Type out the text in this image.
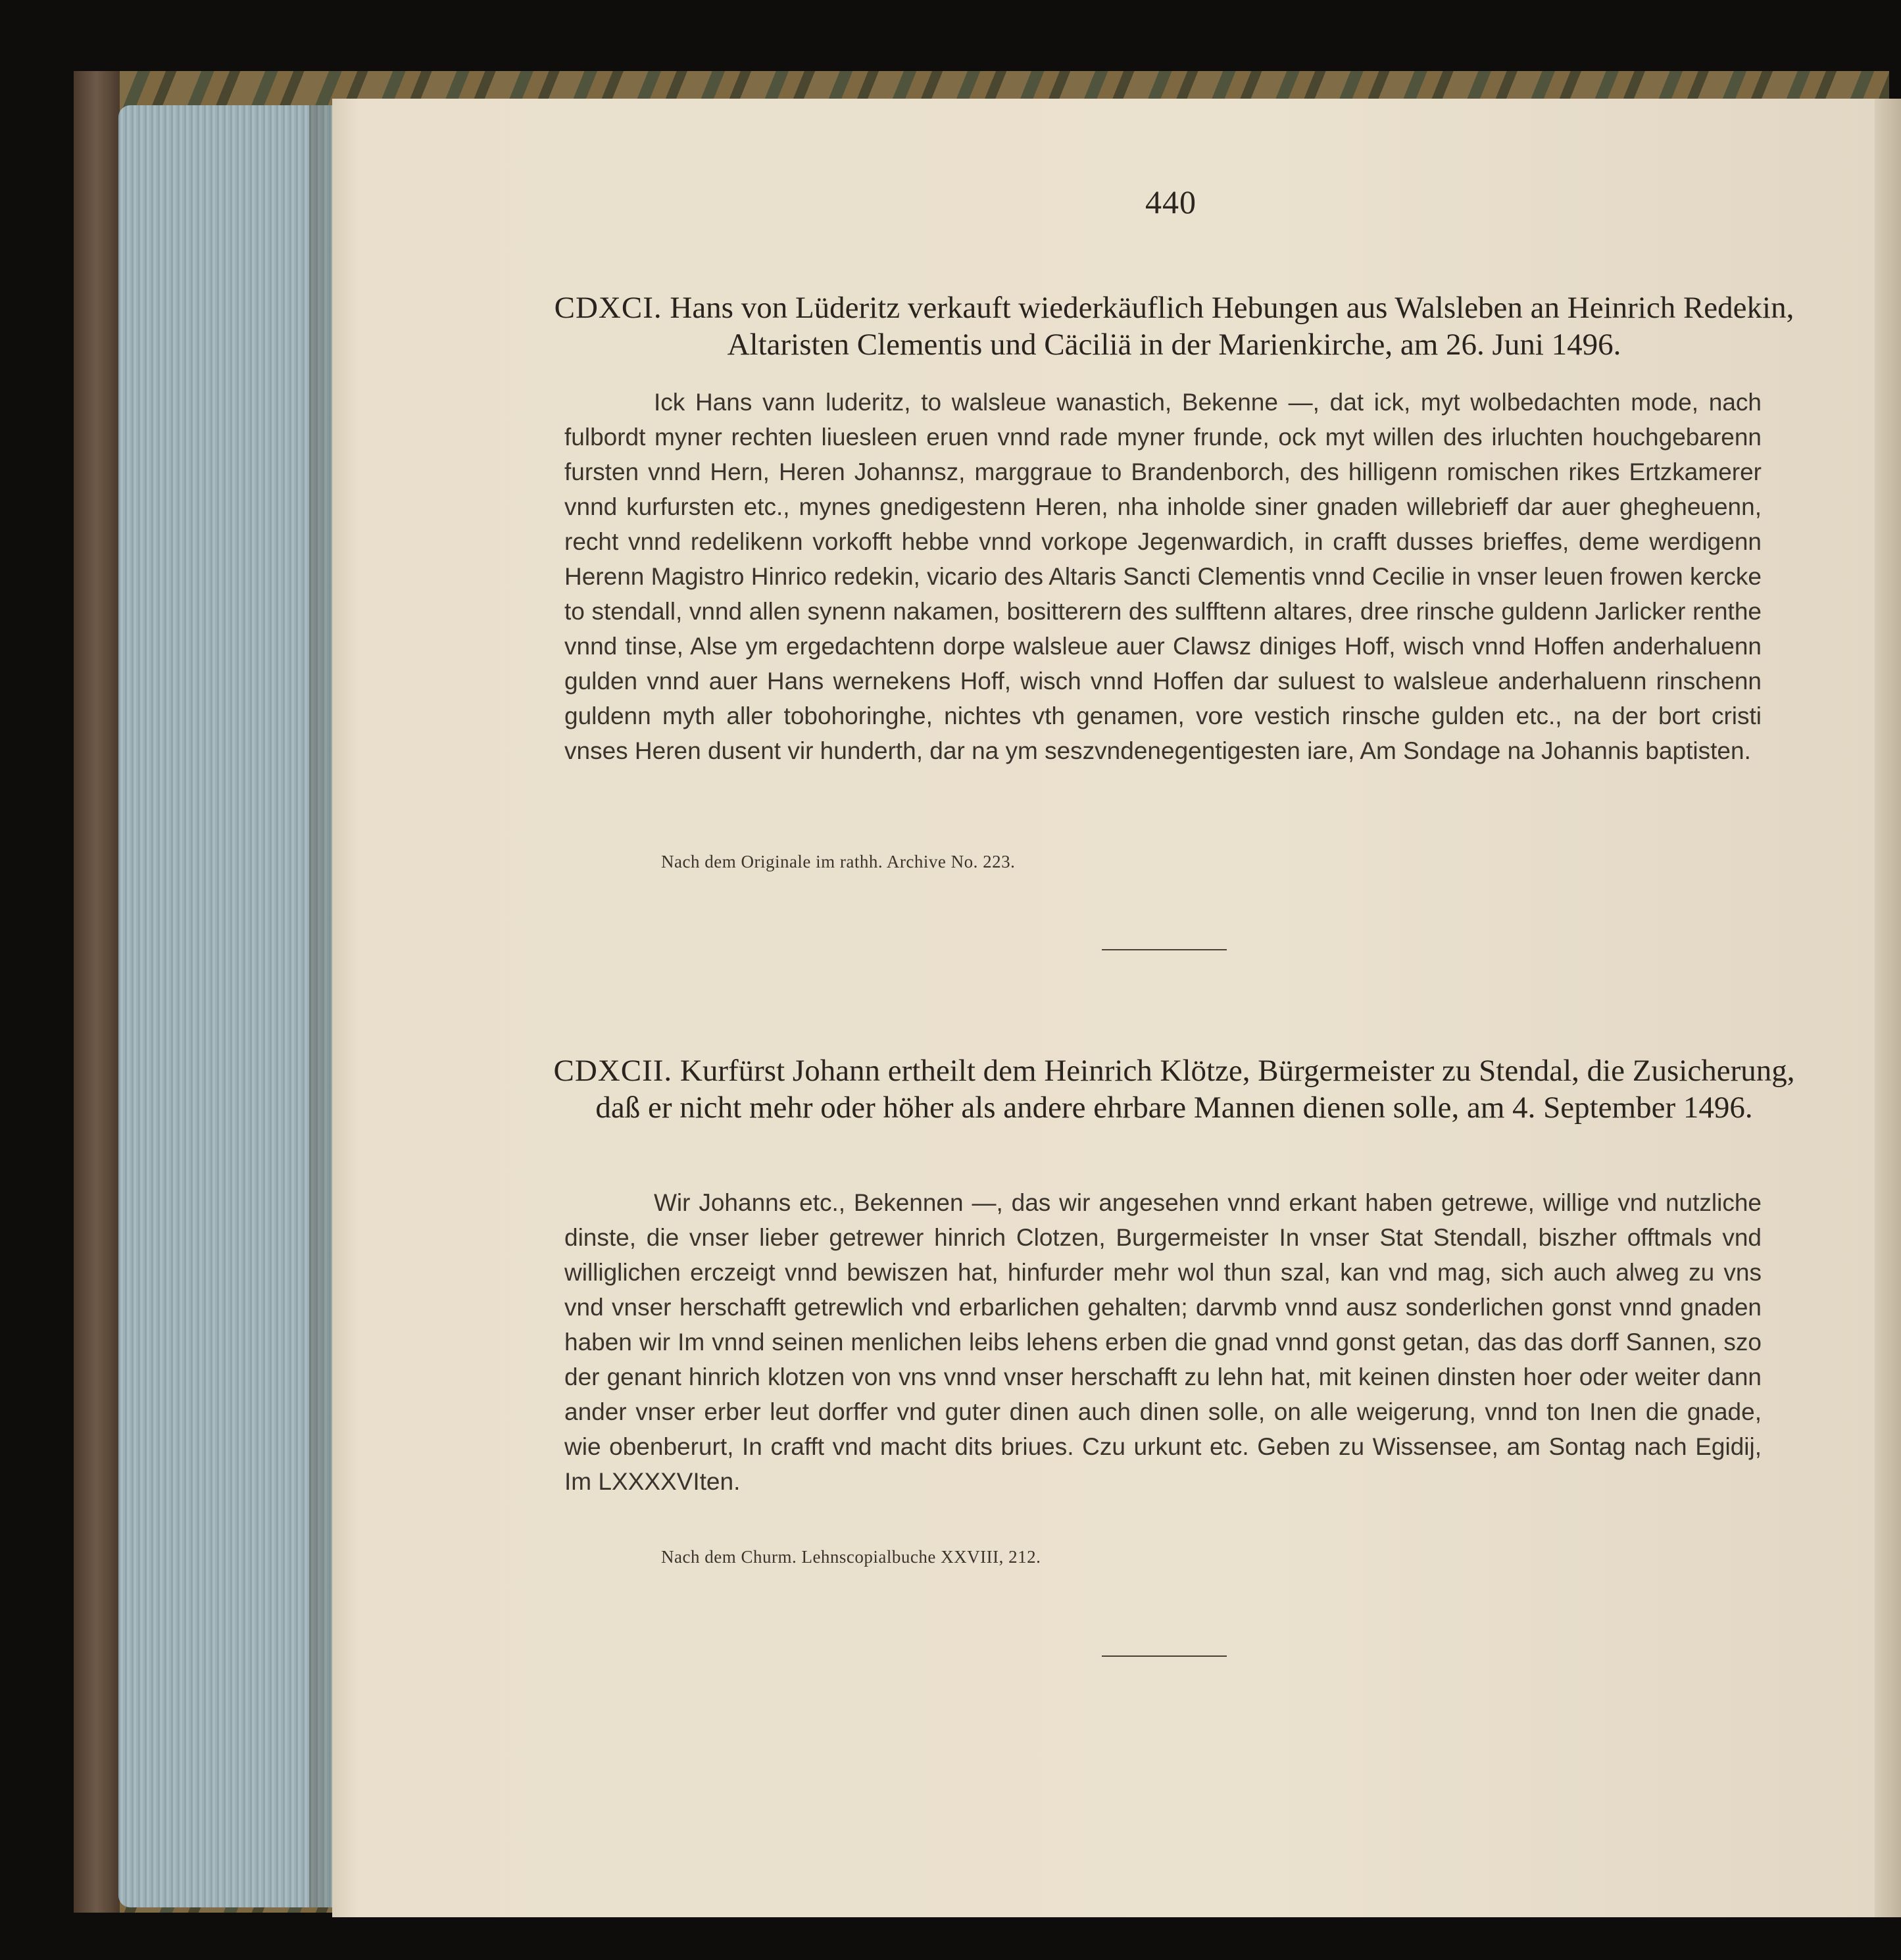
440
CDXCI. Hans von Lüderitz verkauft wiederkäuflich Hebungen aus Walsleben an Heinrich Redekin, Altaristen Clementis und Cäciliä in der Marienkirche, am 26. Juni 1496.
Ick Hans vann luderitz, to walsleue wanastich, Bekenne —, dat ick, myt wolbedachten mode, nach fulbordt myner rechten liuesleen eruen vnnd rade myner frunde, ock myt willen des irluchten houchgebarenn fursten vnnd Hern, Heren Johannsz, marggraue to Brandenborch, des hilligenn romischen rikes Ertzkamerer vnnd kurfursten etc., mynes gnedigestenn Heren, nha inholde siner gnaden willebrieff dar auer ghegheuenn, recht vnnd redelikenn vorkofft hebbe vnnd vorkope Jegenwardich, in crafft dusses brieffes, deme werdigenn Herenn Magistro Hinrico redekin, vicario des Altaris Sancti Clementis vnnd Cecilie in vnser leuen frowen kercke to stendall, vnnd allen synenn nakamen, bositterern des sulfftenn altares, dree rinsche guldenn Jarlicker renthe vnnd tinse, Alse ym ergedachtenn dorpe walsleue auer Clawsz diniges Hoff, wisch vnnd Hoffen anderhaluenn gulden vnnd auer Hans wernekens Hoff, wisch vnnd Hoffen dar suluest to walsleue anderhaluenn rinschenn guldenn myth aller tobohoringhe, nichtes vth genamen, vore vestich rinsche gulden etc., na der bort cristi vnses Heren dusent vir hunderth, dar na ym seszvndenegentigesten iare, Am Sondage na Johannis baptisten.
Nach dem Originale im rathh. Archive No. 223.
CDXCII. Kurfürst Johann ertheilt dem Heinrich Klötze, Bürgermeister zu Stendal, die Zusicherung, daß er nicht mehr oder höher als andere ehrbare Mannen dienen solle, am 4. September 1496.
Wir Johanns etc., Bekennen —, das wir angesehen vnnd erkant haben getrewe, willige vnd nutzliche dinste, die vnser lieber getrewer hinrich Clotzen, Burgermeister In vnser Stat Stendall, biszher offtmals vnd williglichen erczeigt vnnd bewiszen hat, hinfurder mehr wol thun szal, kan vnd mag, sich auch alweg zu vns vnd vnser herschafft getrewlich vnd erbarlichen gehalten; darvmb vnnd ausz sonderlichen gonst vnnd gnaden haben wir Im vnnd seinen menlichen leibs lehens erben die gnad vnnd gonst getan, das das dorff Sannen, szo der genant hinrich klotzen von vns vnnd vnser herschafft zu lehn hat, mit keinen dinsten hoer oder weiter dann ander vnser erber leut dorffer vnd guter dinen auch dinen solle, on alle weigerung, vnnd ton Inen die gnade, wie obenberurt, In crafft vnd macht dits briues. Czu urkunt etc. Geben zu Wissensee, am Sontag nach Egidij, Im LXXXXVIten.
Nach dem Churm. Lehnscopialbuche XXVIII, 212.
